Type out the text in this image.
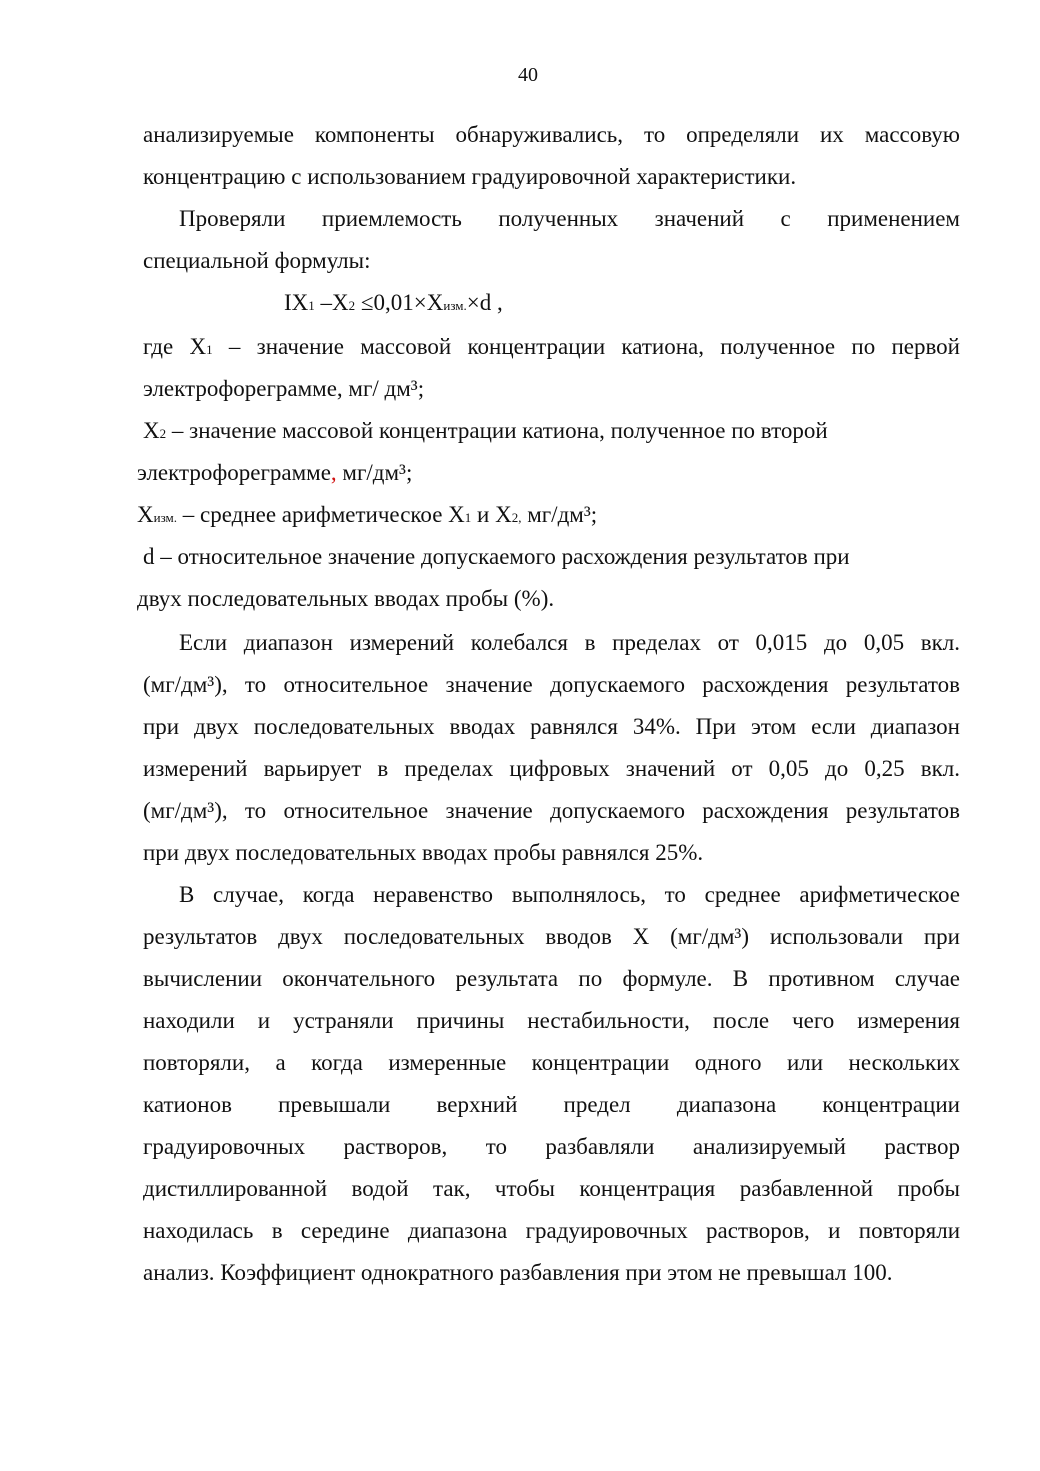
40
анализируемые компоненты обнаруживались, то определяли их массовую
концентрацию с использованием градуировочной характеристики.
Проверяли приемлемость полученных значений с применением
специальной формулы:
IX1 –X2 ≤0,01×Xизм.×d ,
где X1 – значение массовой концентрации катиона, полученное по первой
электрофореграмме, мг/ дм³;
X2 – значение массовой концентрации катиона, полученное по второй
электрофореграмме, мг/дм³;
Xизм. – среднее арифметическое X1 и X2, мг/дм³;
d – относительное значение допускаемого расхождения результатов при
двух последовательных вводах пробы (%).
Если диапазон измерений колебался в пределах от 0,015 до 0,05 вкл.
(мг/дм³), то относительное значение допускаемого расхождения результатов
при двух последовательных вводах равнялся 34%. При этом если диапазон
измерений варьирует в пределах цифровых значений от 0,05 до 0,25 вкл.
(мг/дм³), то относительное значение допускаемого расхождения результатов
при двух последовательных вводах пробы равнялся 25%.
В случае, когда неравенство выполнялось, то среднее арифметическое
результатов двух последовательных вводов X (мг/дм³) использовали при
вычислении окончательного результата по формуле. В противном случае
находили и устраняли причины нестабильности, после чего измерения
повторяли, а когда измеренные концентрации одного или нескольких
катионов превышали верхний предел диапазона концентрации
градуировочных растворов, то разбавляли анализируемый раствор
дистиллированной водой так, чтобы концентрация разбавленной пробы
находилась в середине диапазона градуировочных растворов, и повторяли
анализ. Коэффициент однократного разбавления при этом не превышал 100.
